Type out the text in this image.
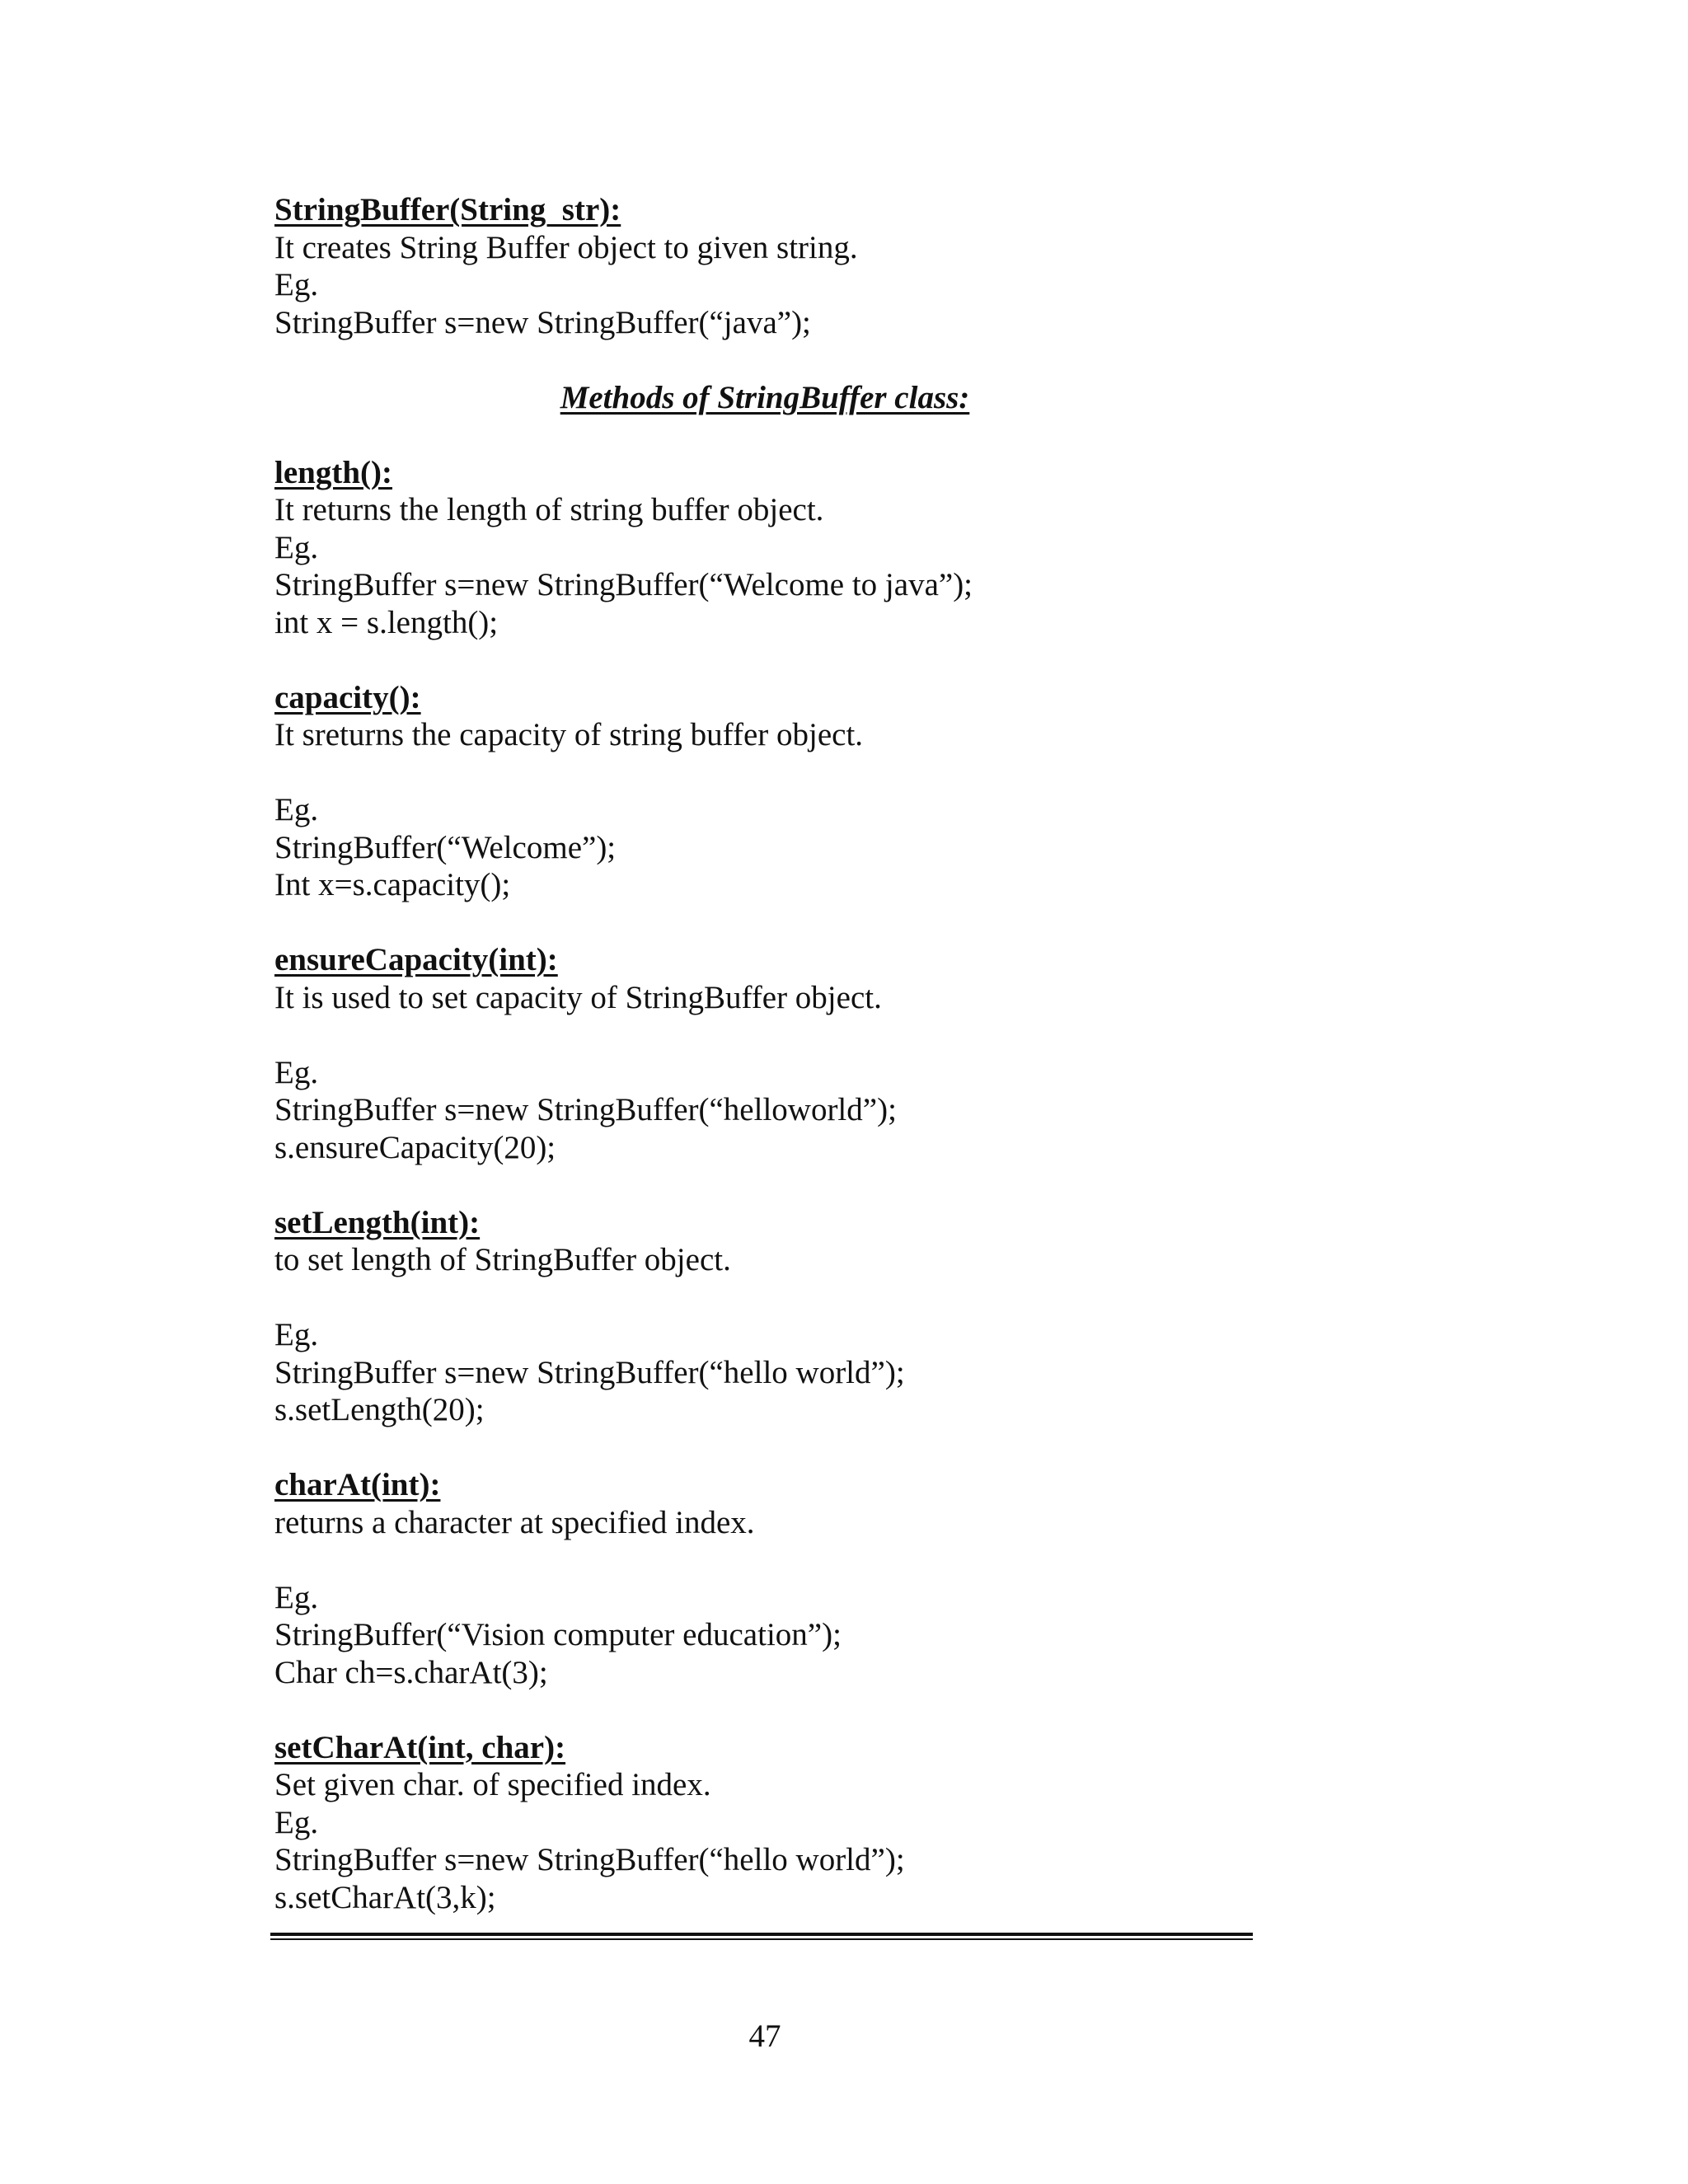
StringBuffer(String  str):
It creates String Buffer object to given string.
Eg.
StringBuffer s=new StringBuffer(“java”);
Methods of StringBuffer class:
length():
It returns the length of string buffer object.
Eg.
StringBuffer s=new StringBuffer(“Welcome to java”);
int x = s.length();
capacity():
It sreturns the capacity of string buffer object.
Eg.
StringBuffer(“Welcome”);
Int x=s.capacity();
ensureCapacity(int):
It is used to set capacity of StringBuffer object.
Eg.
StringBuffer s=new StringBuffer(“helloworld”);
s.ensureCapacity(20);
setLength(int):
to set length of StringBuffer object.
Eg.
StringBuffer s=new StringBuffer(“hello world”);
s.setLength(20);
charAt(int):
returns a character at specified index.
Eg.
StringBuffer(“Vision computer education”);
Char ch=s.charAt(3);
setCharAt(int, char):
Set given char. of specified index.
Eg.
StringBuffer s=new StringBuffer(“hello world”);
s.setCharAt(3,k);
47
